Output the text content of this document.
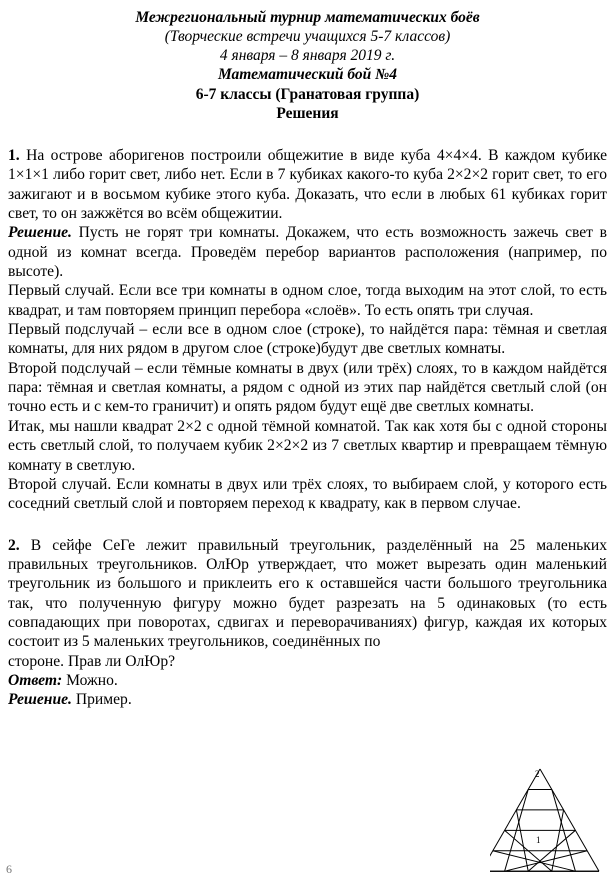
Межрегиональный турнир математических боёв
(Творческие встречи учащихся 5-7 классов)
4 января – 8 января 2019 г.
Математический бой №4
6-7 классы (Гранатовая группа)
Решения

1. На острове аборигенов построили общежитие в виде куба 4×4×4. В каждом кубике 1×1×1 либо горит свет, либо нет. Если в 7 кубиках какого-то куба 2×2×2 горит свет, то его зажигают и в восьмом кубике этого куба. Доказать, что если в любых 61 кубиках горит свет, то он зажжётся во всём общежитии.

Решение. Пусть не горят три комнаты. Докажем, что есть возможность зажечь свет в одной из комнат всегда. Проведём перебор вариантов расположения (например, по высоте).

Первый случай. Если все три комнаты в одном слое, тогда выходим на этот слой, то есть квадрат, и там повторяем принцип перебора «слоёв». То есть опять три случая.

Первый подслучай – если все в одном слое (строке), то найдётся пара: тёмная и светлая комнаты, для них рядом в другом слое (строке)будут две светлых комнаты.

Второй подслучай – если тёмные комнаты в двух (или трёх) слоях, то в каждом найдётся пара: тёмная и светлая комнаты, а рядом с одной из этих пар найдётся светлый слой (он точно есть и с кем-то граничит) и опять рядом будут ещё две светлых комнаты.

Итак, мы нашли квадрат 2×2 с одной тёмной комнатой. Так как хотя бы с одной стороны есть светлый слой, то получаем кубик 2×2×2 из 7 светлых квартир и превращаем тёмную комнату в светлую.

Второй случай. Если комнаты в двух или трёх слоях, то выбираем слой, у которого есть соседний светлый слой и повторяем переход к квадрату, как в первом случае.

2. В сейфе СеГе лежит правильный треугольник, разделённый на 25 маленьких правильных треугольников. ОлЮр утверждает, что может вырезать один маленький треугольник из большого и приклеить его к оставшейся части большого треугольника так, что полученную фигуру можно будет разрезать на 5 одинаковых (то есть совпадающих при поворотах, сдвигах и переворачиваниях) фигур, каждая их которых состоит из 5 маленьких треугольников, соединённых по

стороне. Прав ли ОлЮр?

Ответ: Можно.

Решение. Пример.

2
1
6
